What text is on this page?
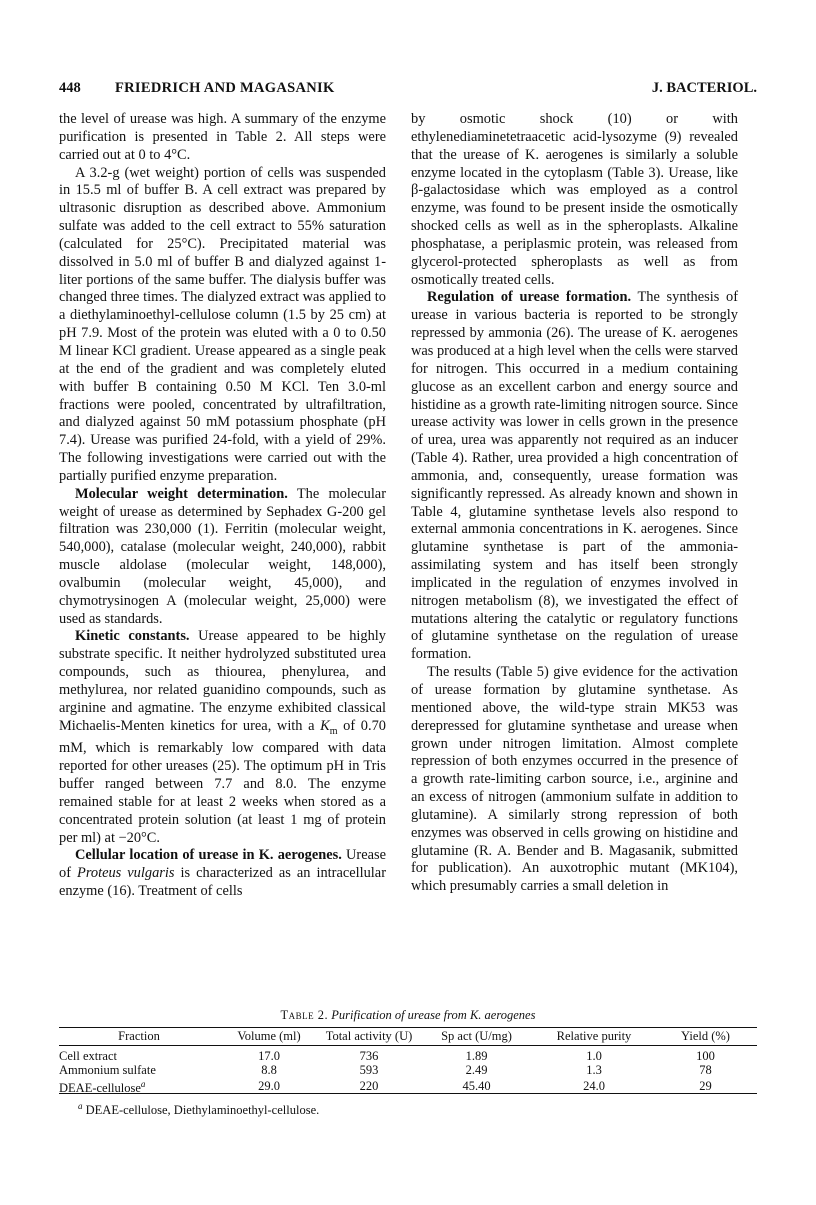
448 FRIEDRICH AND MAGASANIK	J. BACTERIOL.

the level of urease was high. A summary of the enzyme purification is presented in Table 2. All steps were carried out at 0 to 4°C.

A 3.2-g (wet weight) portion of cells was suspended in 15.5 ml of buffer B. A cell extract was prepared by ultrasonic disruption as described above. Ammonium sulfate was added to the cell extract to 55% saturation (calculated for 25°C). Precipitated material was dissolved in 5.0 ml of buffer B and dialyzed against 1-liter portions of the same buffer. The dialysis buffer was changed three times. The dialyzed extract was applied to a diethylaminoethyl-cellulose column (1.5 by 25 cm) at pH 7.9. Most of the protein was eluted with a 0 to 0.50 M linear KCl gradient. Urease appeared as a single peak at the end of the gradient and was completely eluted with buffer B containing 0.50 M KCl. Ten 3.0-ml fractions were pooled, concentrated by ultrafiltration, and dialyzed against 50 mM potassium phosphate (pH 7.4). Urease was purified 24-fold, with a yield of 29%. The following investigations were carried out with the partially purified enzyme preparation.

Molecular weight determination. The molecular weight of urease as determined by Sephadex G-200 gel filtration was 230,000 (1). Ferritin (molecular weight, 540,000), catalase (molecular weight, 240,000), rabbit muscle aldolase (molecular weight, 148,000), ovalbumin (molecular weight, 45,000), and chymotrysinogen A (molecular weight, 25,000) were used as standards.

Kinetic constants. Urease appeared to be highly substrate specific. It neither hydrolyzed substituted urea compounds, such as thiourea, phenylurea, and methylurea, nor related guanidino compounds, such as arginine and agmatine. The enzyme exhibited classical Michaelis-Menten kinetics for urea, with a $K_m$ of 0.70 mM, which is remarkably low compared with data reported for other ureases (25). The optimum pH in Tris buffer ranged between 7.7 and 8.0. The enzyme remained stable for at least 2 weeks when stored as a concentrated protein solution (at least 1 mg of protein per ml) at −20°C.

Cellular location of urease in K. aerogenes. Urease of Proteus vulgaris is characterized as an intracellular enzyme (16). Treatment of cells

by osmotic shock (10) or with ethylenediaminetetraacetic acid-lysozyme (9) revealed that the urease of K. aerogenes is similarly a soluble enzyme located in the cytoplasm (Table 3). Urease, like β-galactosidase which was employed as a control enzyme, was found to be present inside the osmotically shocked cells as well as in the spheroplasts. Alkaline phosphatase, a periplasmic protein, was released from glycerol-protected spheroplasts as well as from osmotically treated cells.

Regulation of urease formation. The synthesis of urease in various bacteria is reported to be strongly repressed by ammonia (26). The urease of K. aerogenes was produced at a high level when the cells were starved for nitrogen. This occurred in a medium containing glucose as an excellent carbon and energy source and histidine as a growth rate-limiting nitrogen source. Since urease activity was lower in cells grown in the presence of urea, urea was apparently not required as an inducer (Table 4). Rather, urea provided a high concentration of ammonia, and, consequently, urease formation was significantly repressed. As already known and shown in Table 4, glutamine synthetase levels also respond to external ammonia concentrations in K. aerogenes. Since glutamine synthetase is part of the ammonia-assimilating system and has itself been strongly implicated in the regulation of enzymes involved in nitrogen metabolism (8), we investigated the effect of mutations altering the catalytic or regulatory functions of glutamine synthetase on the regulation of urease formation.

The results (Table 5) give evidence for the activation of urease formation by glutamine synthetase. As mentioned above, the wild-type strain MK53 was derepressed for glutamine synthetase and urease when grown under nitrogen limitation. Almost complete repression of both enzymes occurred in the presence of a growth rate-limiting carbon source, i.e., arginine and an excess of nitrogen (ammonium sulfate in addition to glutamine). A similarly strong repression of both enzymes was observed in cells growing on histidine and glutamine (R. A. Bender and B. Magasanik, submitted for publication). An auxotrophic mutant (MK104), which presumably carries a small deletion in

Table 2. Purification of urease from K. aerogenes
Fraction	Volume (ml)	Total activity (U)	Sp act (U/mg)	Relative purity	Yield (%)
Cell extract	17.0	736	1.89	1.0	100
Ammonium sulfate	8.8	593	2.49	1.3	78
DEAE-cellulose$^a$	29.0	220	45.40	24.0	29
$^a$ DEAE-cellulose, Diethylaminoethyl-cellulose.
